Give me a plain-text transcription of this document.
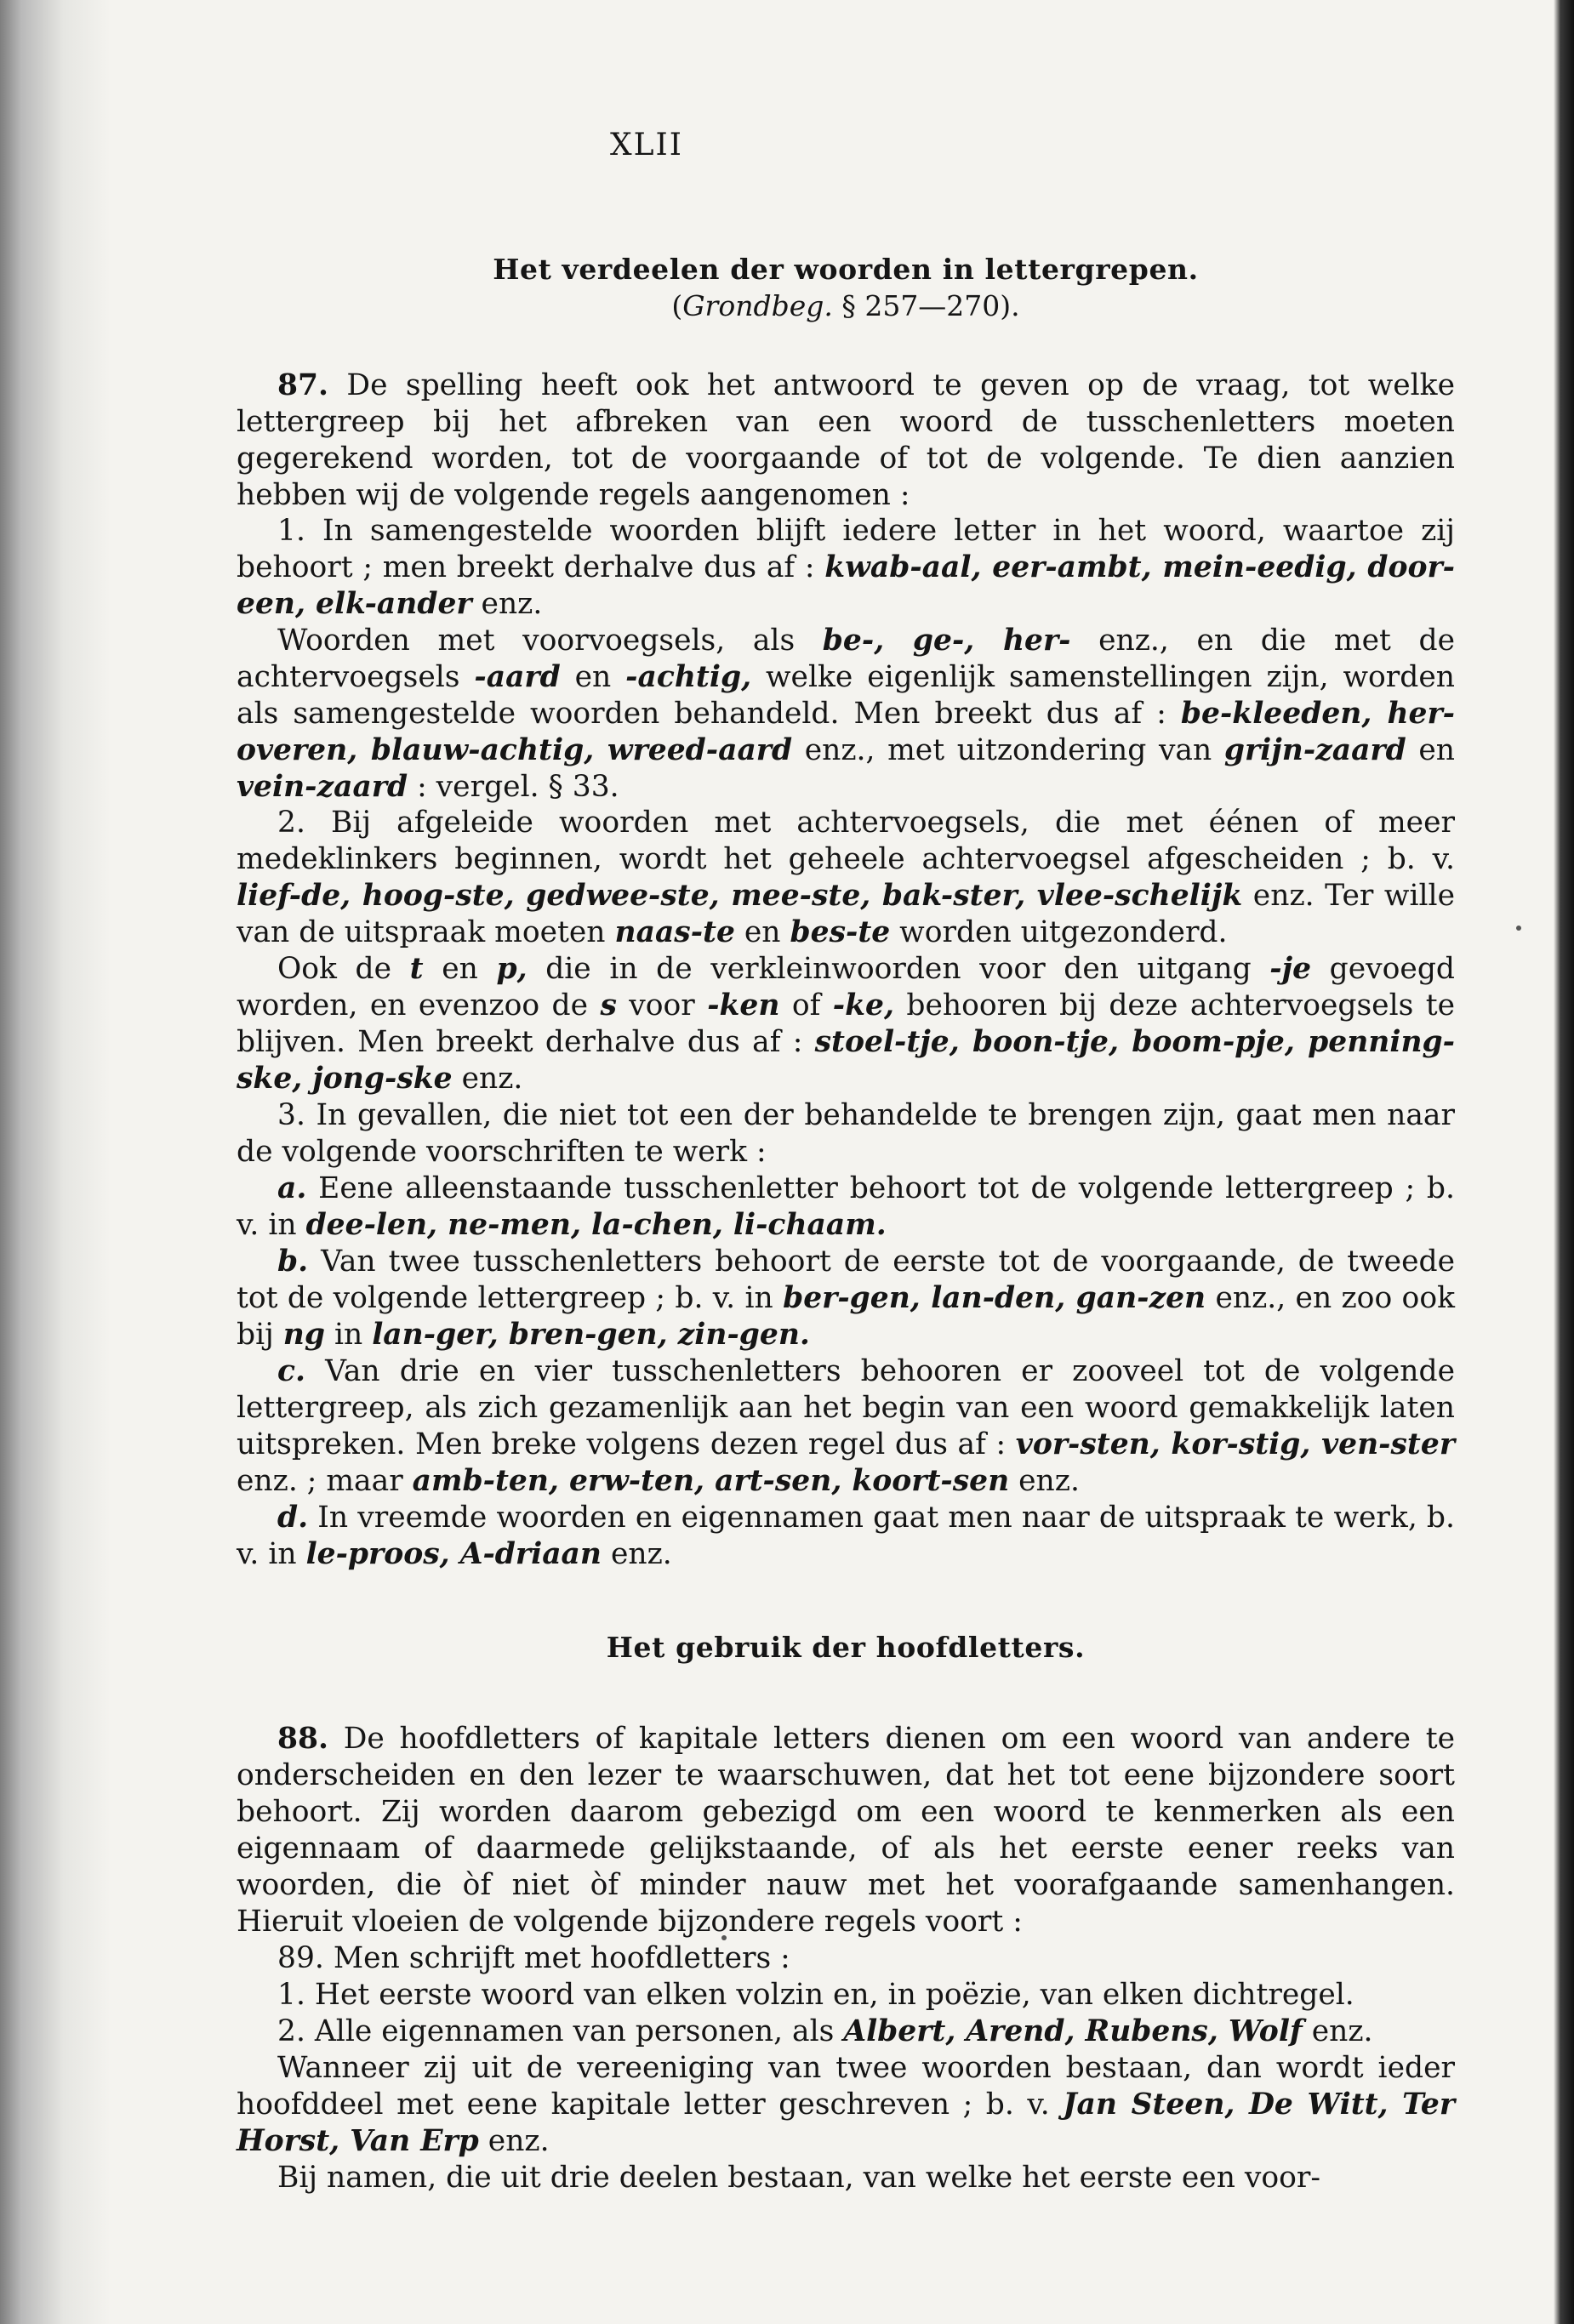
XLII
Het verdeelen der woorden in lettergrepen.
(Grondbeg. § 257—270).
87. De spelling heeft ook het antwoord te geven op de vraag, tot welke lettergreep bij het afbreken van een woord de tusschenletters moeten gegerekend worden, tot de voorgaande of tot de volgende. Te dien aanzien hebben wij de volgende regels aangenomen :
1. In samengestelde woorden blijft iedere letter in het woord, waartoe zij behoort ; men breekt derhalve dus af : kwab-aal, eer-ambt, mein-eedig, door-een, elk-ander enz.
Woorden met voorvoegsels, als be-, ge-, her- enz., en die met de achtervoegsels -aard en -achtig, welke eigenlijk samenstellingen zijn, worden als samengestelde woorden behandeld. Men breekt dus af : be-kleeden, her-overen, blauw-achtig, wreed-aard enz., met uitzondering van grijn-zaard en vein-zaard : vergel. § 33.
2. Bij afgeleide woorden met achtervoegsels, die met éénen of meer medeklinkers beginnen, wordt het geheele achtervoegsel afgescheiden ; b. v. lief-de, hoog-ste, gedwee-ste, mee-ste, bak-ster, vlee-schelijk enz. Ter wille van de uitspraak moeten naas-te en bes-te worden uitgezonderd.
Ook de t en p, die in de verkleinwoorden voor den uitgang -je gevoegd worden, en evenzoo de s voor -ken of -ke, behooren bij deze achtervoegsels te blijven. Men breekt derhalve dus af : stoel-tje, boon-tje, boom-pje, penning-ske, jong-ske enz.
3. In gevallen, die niet tot een der behandelde te brengen zijn, gaat men naar de volgende voorschriften te werk :
a. Eene alleenstaande tusschenletter behoort tot de volgende lettergreep ; b. v. in dee-len, ne-men, la-chen, li-chaam.
b. Van twee tusschenletters behoort de eerste tot de voorgaande, de tweede tot de volgende lettergreep ; b. v. in ber-gen, lan-den, gan-zen enz., en zoo ook bij ng in lan-ger, bren-gen, zin-gen.
c. Van drie en vier tusschenletters behooren er zooveel tot de volgende lettergreep, als zich gezamenlijk aan het begin van een woord gemakkelijk laten uitspreken. Men breke volgens dezen regel dus af : vor-sten, kor-stig, ven-ster enz. ; maar amb-ten, erw-ten, art-sen, koort-sen enz.
d. In vreemde woorden en eigennamen gaat men naar de uitspraak te werk, b. v. in le-proos, A-driaan enz.
Het gebruik der hoofdletters.
88. De hoofdletters of kapitale letters dienen om een woord van andere te onderscheiden en den lezer te waarschuwen, dat het tot eene bijzondere soort behoort. Zij worden daarom gebezigd om een woord te kenmerken als een eigennaam of daarmede gelijkstaande, of als het eerste eener reeks van woorden, die òf niet òf minder nauw met het voorafgaande samenhangen. Hieruit vloeien de volgende bijzondere regels voort :
89. Men schrijft met hoofdletters :
1. Het eerste woord van elken volzin en, in poëzie, van elken dichtregel.
2. Alle eigennamen van personen, als Albert, Arend, Rubens, Wolf enz.
Wanneer zij uit de vereeniging van twee woorden bestaan, dan wordt ieder hoofddeel met eene kapitale letter geschreven ; b. v. Jan Steen, De Witt, Ter Horst, Van Erp enz.
Bij namen, die uit drie deelen bestaan, van welke het eerste een voor-
